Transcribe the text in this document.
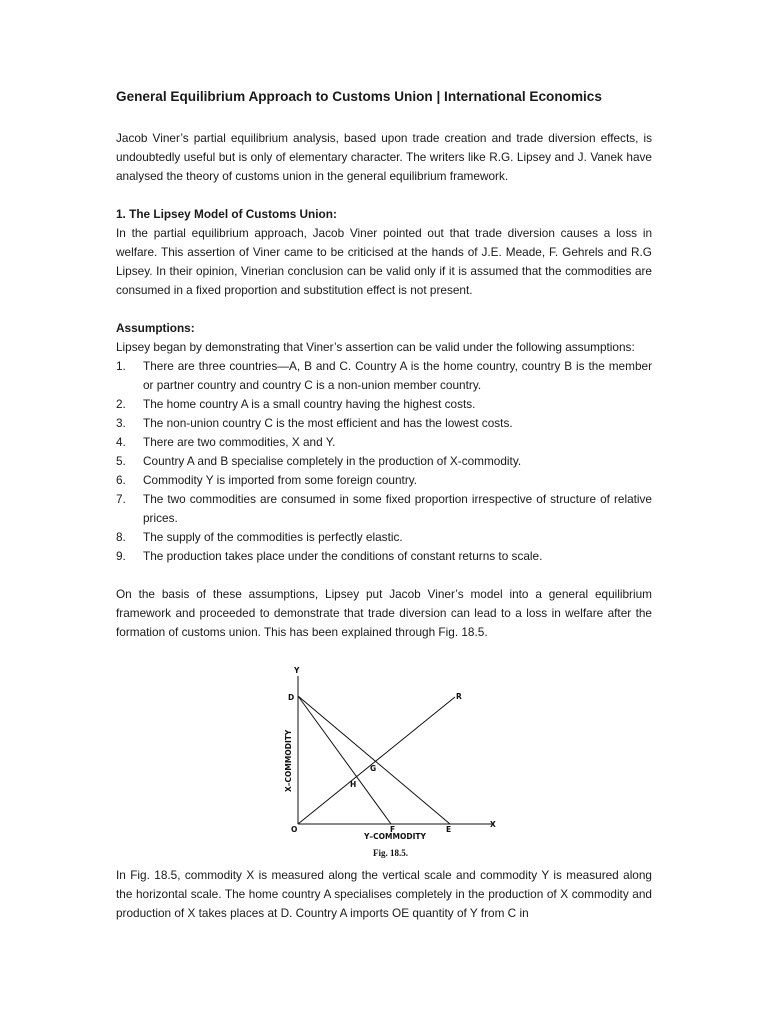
General Equilibrium Approach to Customs Union | International Economics

Jacob Viner’s partial equilibrium analysis, based upon trade creation and trade diversion effects, is undoubtedly useful but is only of elementary character. The writers like R.G. Lipsey and J. Vanek have analysed the theory of customs union in the general equilibrium framework.

1. The Lipsey Model of Customs Union:

In the partial equilibrium approach, Jacob Viner pointed out that trade diversion causes a loss in welfare. This assertion of Viner came to be criticised at the hands of J.E. Meade, F. Gehrels and R.G Lipsey. In their opinion, Vinerian conclusion can be valid only if it is assumed that the commodities are consumed in a fixed proportion and substitution effect is not present.

Assumptions:

Lipsey began by demonstrating that Viner’s assertion can be valid under the following assumptions:

1. There are three countries—A, B and C. Country A is the home country, country B is the member or partner country and country C is a non-union member country.
2. The home country A is a small country having the highest costs.
3. The non-union country C is the most efficient and has the lowest costs.
4. There are two commodities, X and Y.
5. Country A and B specialise completely in the production of X-commodity.
6. Commodity Y is imported from some foreign country.
7. The two commodities are consumed in some fixed proportion irrespective of structure of relative prices.
8. The supply of the commodities is perfectly elastic.
9. The production takes place under the conditions of constant returns to scale.

On the basis of these assumptions, Lipsey put Jacob Viner’s model into a general equilibrium framework and proceeded to demonstrate that trade diversion can lead to a loss in welfare after the formation of customs union. This has been explained through Fig. 18.5.

Y
X
D	R
G
H
O	F	E
X–COMMODITY
Y–COMMODITY
Fig. 18.5.

In Fig. 18.5, commodity X is measured along the vertical scale and commodity Y is measured along the horizontal scale. The home country A specialises completely in the production of X commodity and production of X takes places at D. Country A imports OE quantity of Y from C in
